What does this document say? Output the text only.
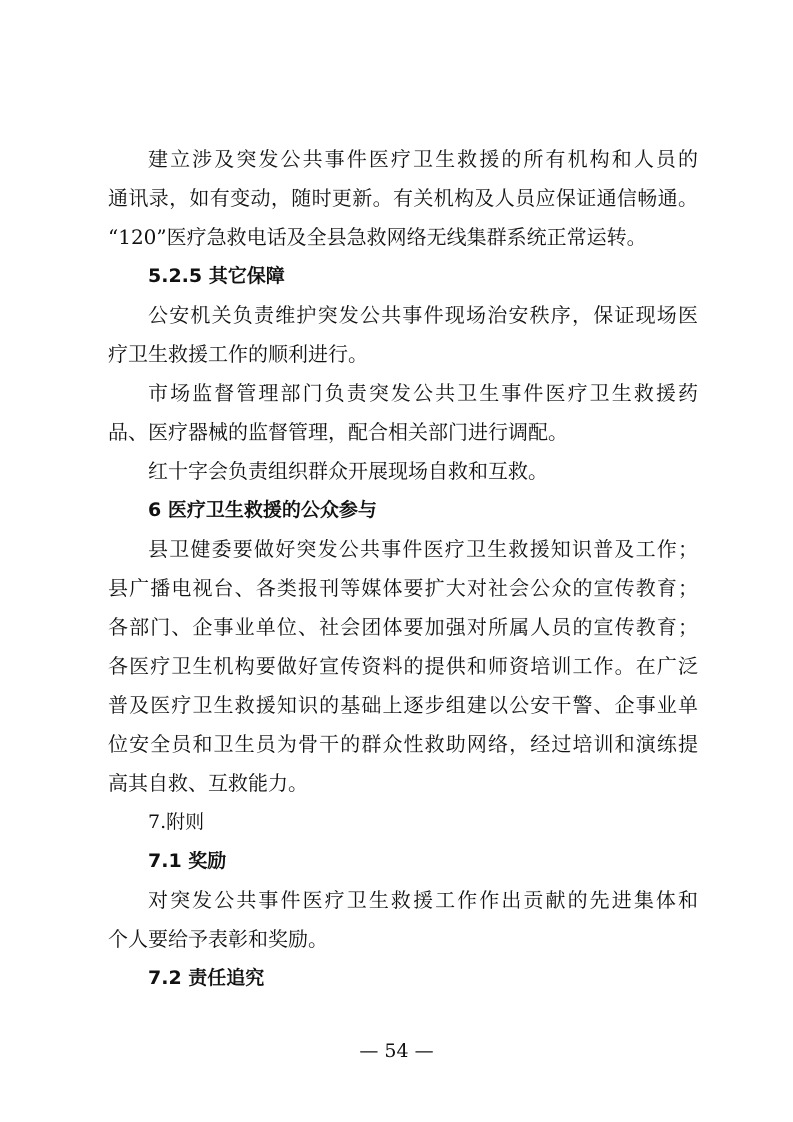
建立涉及突发公共事件医疗卫生救援的所有机构和人员的
通讯录，如有变动，随时更新。有关机构及人员应保证通信畅通。
“120”医疗急救电话及全县急救网络无线集群系统正常运转。
5.2.5 其它保障
公安机关负责维护突发公共事件现场治安秩序，保证现场医
疗卫生救援工作的顺利进行。
市场监督管理部门负责突发公共卫生事件医疗卫生救援药
品、医疗器械的监督管理，配合相关部门进行调配。
红十字会负责组织群众开展现场自救和互救。
6 医疗卫生救援的公众参与
县卫健委要做好突发公共事件医疗卫生救援知识普及工作；
县广播电视台、各类报刊等媒体要扩大对社会公众的宣传教育；
各部门、企事业单位、社会团体要加强对所属人员的宣传教育；
各医疗卫生机构要做好宣传资料的提供和师资培训工作。在广泛
普及医疗卫生救援知识的基础上逐步组建以公安干警、企事业单
位安全员和卫生员为骨干的群众性救助网络，经过培训和演练提
高其自救、互救能力。
7.附则
7.1 奖励
对突发公共事件医疗卫生救援工作作出贡献的先进集体和
个人要给予表彰和奖励。
7.2 责任追究
— 54 —
